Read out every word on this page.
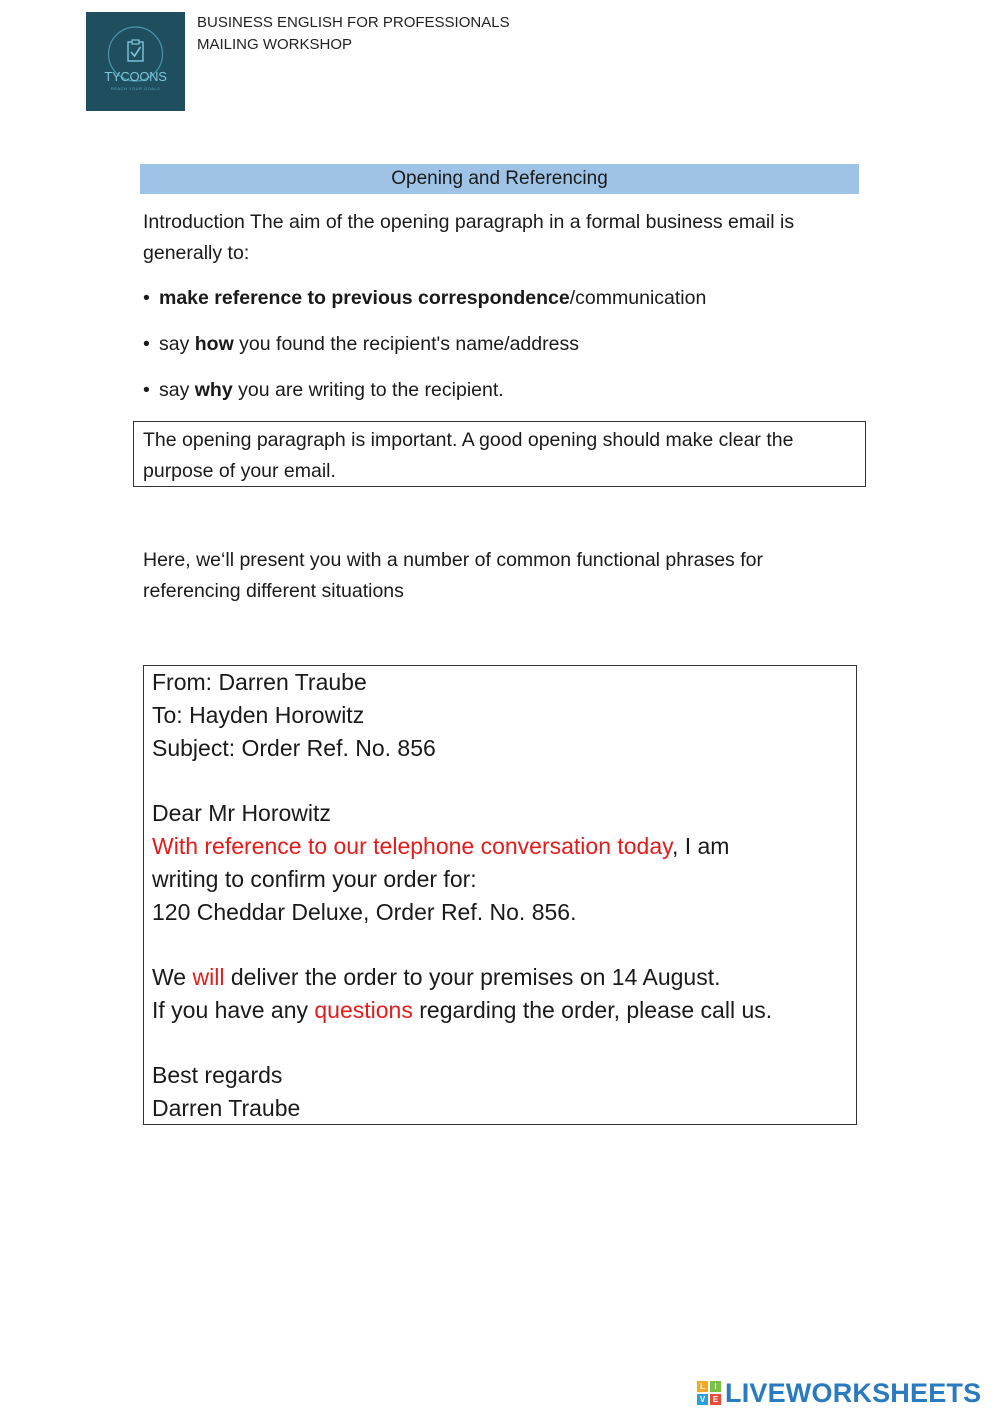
TYCOONS
REACH YOUR GOALS
BUSINESS ENGLISH FOR PROFESSIONALS
MAILING WORKSHOP
Opening and Referencing
Introduction The aim of the opening paragraph in a formal business email is generally to:
• make reference to previous correspondence/communication
• say how you found the recipient's name/address
• say why you are writing to the recipient.
The opening paragraph is important. A good opening should make clear the purpose of your email.
Here, we‘ll present you with a number of common functional phrases for referencing different situations
From: Darren Traube
To: Hayden Horowitz
Subject: Order Ref. No. 856
Dear Mr Horowitz
With reference to our telephone conversation today, I am
writing to confirm your order for:
120 Cheddar Deluxe, Order Ref. No. 856.
We will deliver the order to your premises on 14 August.
If you have any questions regarding the order, please call us.
Best regards
Darren Traube
L	I
V E LIVEWORKSHEETS
